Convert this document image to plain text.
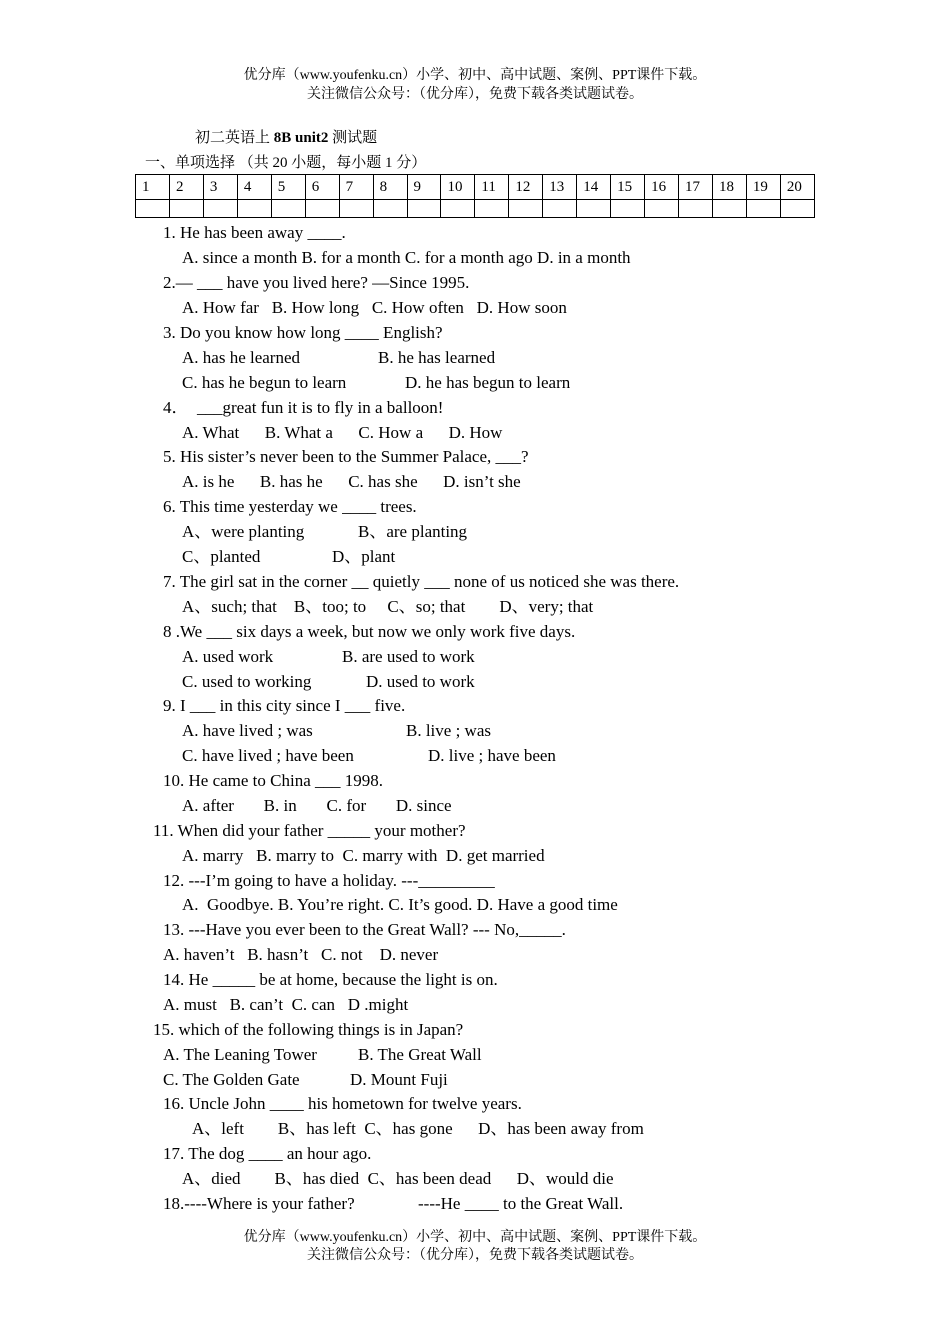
优分库（www.youfenku.cn）小学、初中、高中试题、案例、PPT课件下载。
关注微信公众号：（优分库），免费下载各类试题试卷。
初二英语上 8B unit2 测试题
一、单项选择 （共 20 小题，每小题 1 分）
1	2	3	4	5	6	7	8	9	10	11	12	13	14	15	16	17	18	19	20

1. He has been away ____.
A. since a month B. for a month C. for a month ago D. in a month
2.— ___ have you lived here? —Since 1995.
A. How far   B. How long   C. How often   D. How soon
3. Do you know how long ____ English?
A. has he learned	B. he has learned
C. has he begun to learn	D. he has begun to learn
4．  ___great fun it is to fly in a balloon!
A. What      B. What a      C. How a      D. How
5. His sister’s never been to the Summer Palace, ___?
A. is he      B. has he      C. has she      D. isn’t she
6. This time yesterday we ____ trees.
A、were planting	B、are planting
C、planted	D、plant
7. The girl sat in the corner __ quietly ___ none of us noticed she was there.
A、such; that    B、too; to     C、so; that        D、very; that
8 .We ___ six days a week, but now we only work five days.
A. used work	B. are used to work
C. used to working	D. used to work
9. I ___ in this city since I ___ five.
A. have lived ; was	B. live ; was
C. have lived ; have been	D. live ; have been
10. He came to China ___ 1998.
A. after       B. in       C. for       D. since
11. When did your father _____ your mother?
A. marry   B. marry to  C. marry with  D. get married
12. ---I’m going to have a holiday. ---_________
A.  Goodbye. B. You’re right. C. It’s good. D. Have a good time
13. ---Have you ever been to the Great Wall? --- No,_____.
A. haven’t   B. hasn’t   C. not    D. never
14. He _____ be at home, because the light is on.
A. must   B. can’t  C. can   D .might
15. which of the following things is in Japan?
A. The Leaning Tower B. The Great Wall
C. The Golden Gate	D. Mount Fuji
16. Uncle John ____ his hometown for twelve years.
A、left        B、has left  C、has gone      D、has been away from
17. The dog ____ an hour ago.
A、died        B、has died  C、has been dead      D、would die
18.----Where is your father?	----He ____ to the Great Wall.
优分库（www.youfenku.cn）小学、初中、高中试题、案例、PPT课件下载。
关注微信公众号：（优分库），免费下载各类试题试卷。
